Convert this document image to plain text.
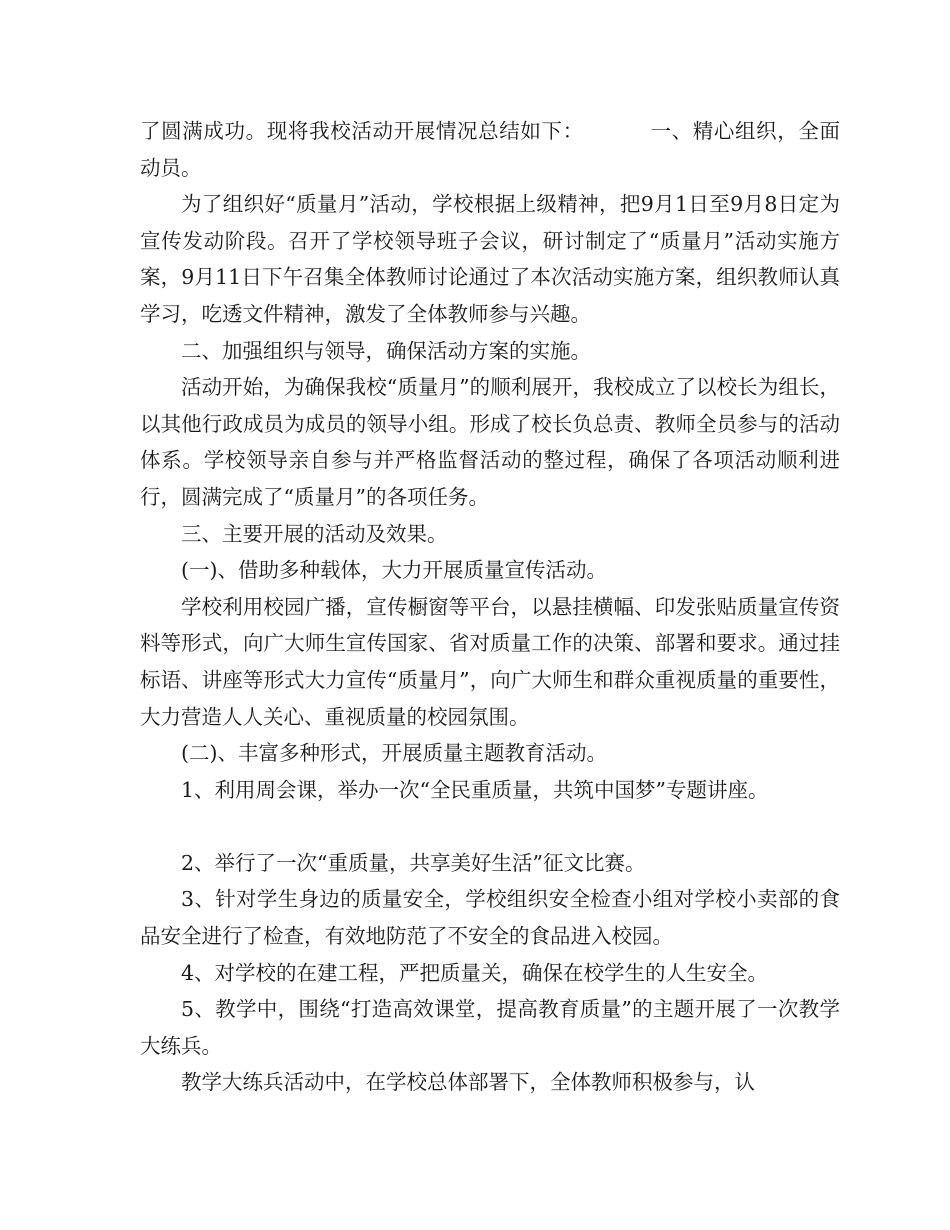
了圆满成功。现将我校活动开展情况总结如下：	一、精心组织，全面动员。

为了组织好“质量月”活动，学校根据上级精神，把9月1日至9月8日定为宣传发动阶段。召开了学校领导班子会议，研讨制定了“质量月”活动实施方案，9月11日下午召集全体教师讨论通过了本次活动实施方案，组织教师认真学习，吃透文件精神，激发了全体教师参与兴趣。

二、加强组织与领导，确保活动方案的实施。

活动开始，为确保我校“质量月”的顺利展开，我校成立了以校长为组长，以其他行政成员为成员的领导小组。形成了校长负总责、教师全员参与的活动体系。学校领导亲自参与并严格监督活动的整过程，确保了各项活动顺利进行，圆满完成了“质量月”的各项任务。

三、主要开展的活动及效果。

(一)、借助多种载体，大力开展质量宣传活动。

学校利用校园广播，宣传橱窗等平台，以悬挂横幅、印发张贴质量宣传资料等形式，向广大师生宣传国家、省对质量工作的决策、部署和要求。通过挂标语、讲座等形式大力宣传“质量月”，向广大师生和群众重视质量的重要性，大力营造人人关心、重视质量的校园氛围。

(二)、丰富多种形式，开展质量主题教育活动。

1、利用周会课，举办一次“全民重质量，共筑中国梦”专题讲座。

2、举行了一次“重质量，共享美好生活”征文比赛。

3、针对学生身边的质量安全，学校组织安全检查小组对学校小卖部的食品安全进行了检查，有效地防范了不安全的食品进入校园。

4、对学校的在建工程，严把质量关，确保在校学生的人生安全。

5、教学中，围绕“打造高效课堂，提高教育质量”的主题开展了一次教学大练兵。

教学大练兵活动中，在学校总体部署下，全体教师积极参与，认
